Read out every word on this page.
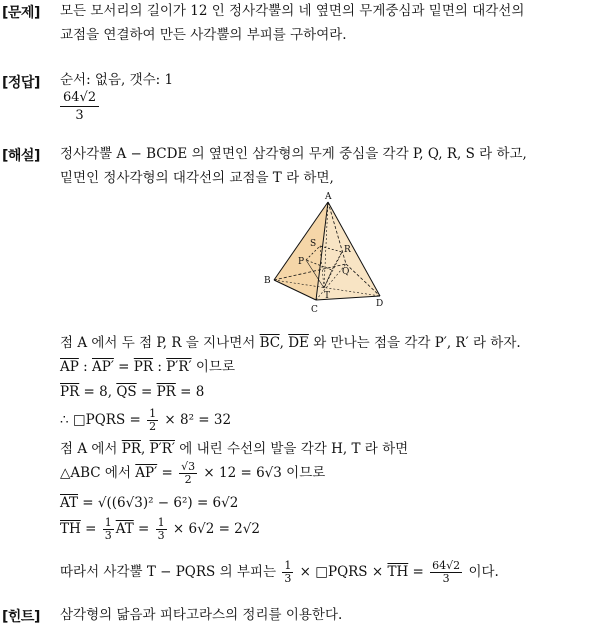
[문제] 모든 모서리의 길이가 12 인 정사각뿔의 네 옆면의 무게중심과 밑면의 대각선의
교점을 연결하여 만든 사각뿔의 부피를 구하여라.
[정답] 순서: 없음, 갯수: 1
$\frac{64√2}{3}$
[해설] 정사각뿔 A − BCDE 의 옆면인 삼각형의 무게 중심을 각각 P, Q, R, S 라 하고,
밑면인 정사각형의 대각선의 교점을 T 라 하면,
A
B
C
D
S
R
P
Q
T
점 A 에서 두 점 P, R 을 지나면서 $\overline{BC}$, $\overline{DE}$ 와 만나는 점을 각각 P′, R′ 라 하자.
$\overline{AP}$ : $AP' = \overline{PR}$ : P′R′ 이므로
$\overline{PR} = 8$, $\overline{QS} = \overline{PR} = 8$
∴ □PQRS = $\frac{1}{2} \times 8^2 = 32$
점 A 에서 $\overline{PR}$, P′R′ 에 내린 수선의 발을 각각 H, T 라 하면
△ABC 에서 $AP' = \frac{√3}{2} \times 12 = 6√3$ 이므로
$\overline{AT} = √((6√3)^2 - 6^2) = 6√2$
$\overline{TH} = \frac{1}{3} \overline{AT} = \frac{1}{3} \times 6√2 = 2√2$
따라서 사각뿔 T − PQRS 의 부피는 $\frac{1}{3}$ × □PQRS × $\overline{TH} = \frac{64√2}{3}$ 이다.
[힌트] 삼각형의 닮음과 피타고라스의 정리를 이용한다.
